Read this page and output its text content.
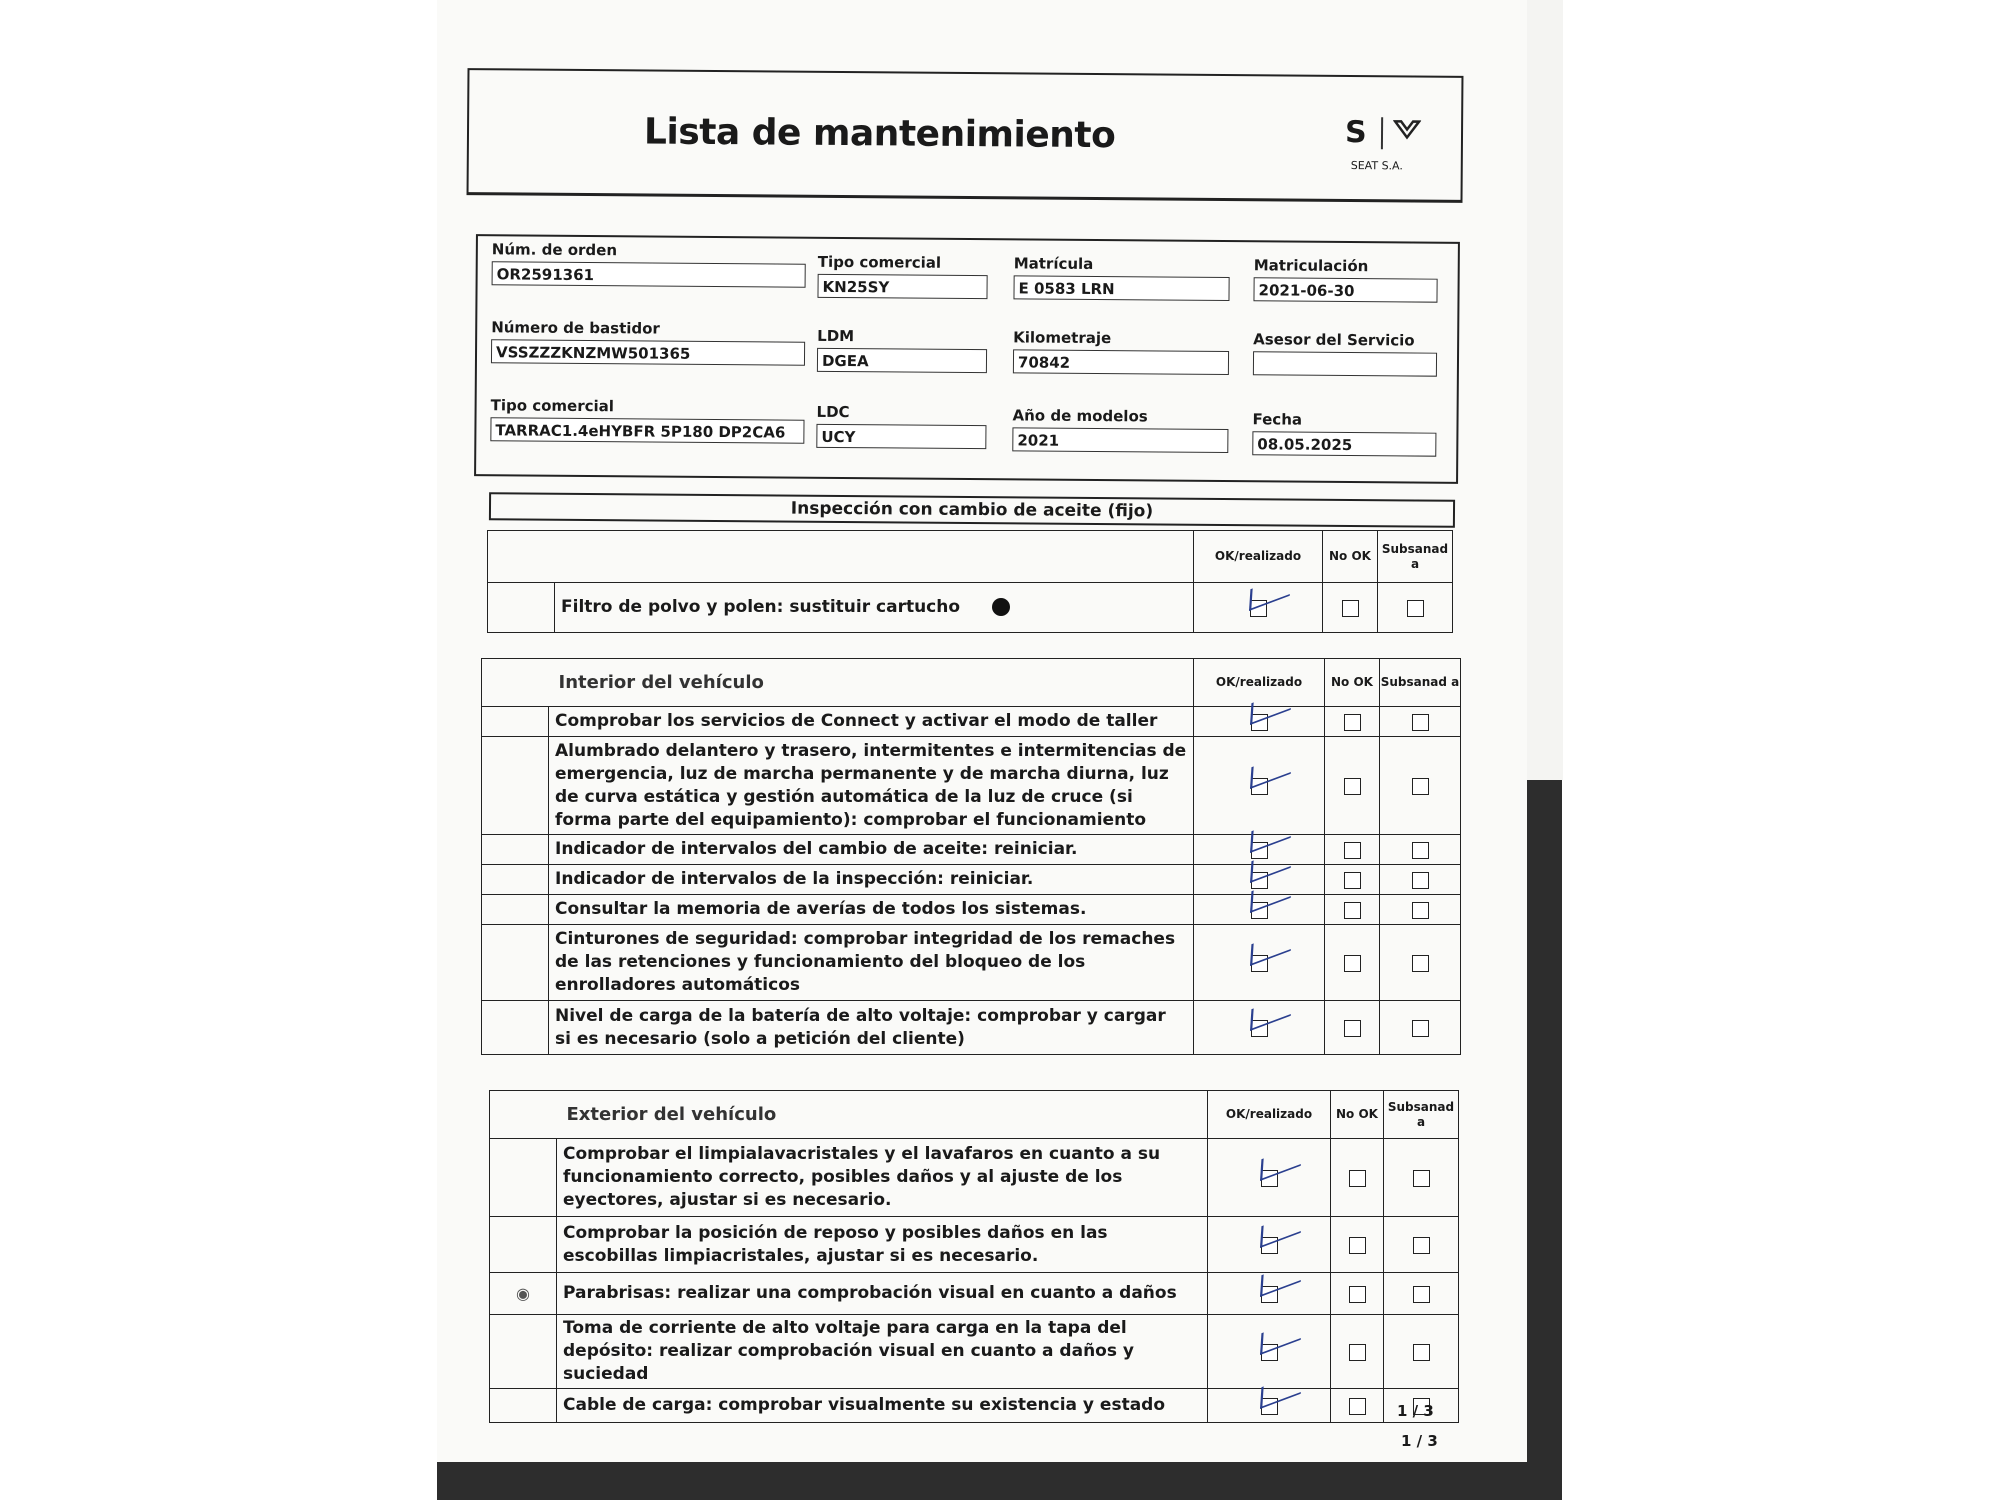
Lista de mantenimiento	S
SEAT S.A.
Núm. de orden
OR2591361
Tipo comercial
KN25SY
Matrícula
E 0583 LRN
Matriculación
2021-06-30
Número de bastidor
VSSZZZKNZMW501365
LDM
DGEA
Kilometraje
70842
Asesor del Servicio
Tipo comercial
TARRAC1.4eHYBFR 5P180 DP2CA6
LDC
UCY
Año de modelos
2021
Fecha
08.05.2025
Inspección con cambio de aceite (fijo)
		OK/realizado	No OK	Subsanad a
	Filtro de polvo y polen: sustituir cartucho			
	Interior del vehículo	OK/realizado	No OK	Subsanad a
	Comprobar los servicios de Connect y activar el modo de taller			
	Alumbrado delantero y trasero, intermitentes e intermitencias de emergencia, luz de marcha permanente y de marcha diurna, luz de curva estática y gestión automática de la luz de cruce (si forma parte del equipamiento): comprobar el funcionamiento			
	Indicador de intervalos del cambio de aceite: reiniciar.			
	Indicador de intervalos de la inspección: reiniciar.			
	Consultar la memoria de averías de todos los sistemas.			
	Cinturones de seguridad: comprobar integridad de los remaches de las retenciones y funcionamiento del bloqueo de los enrolladores automáticos			
	Nivel de carga de la batería de alto voltaje: comprobar y cargar si es necesario (solo a petición del cliente)			
	Exterior del vehículo	OK/realizado	No OK	Subsanad a
	Comprobar el limpialavacristales y el lavafaros en cuanto a su funcionamiento correcto, posibles daños y al ajuste de los eyectores, ajustar si es necesario.			
	Comprobar la posición de reposo y posibles daños en las escobillas limpiacristales, ajustar si es necesario.			
◉	Parabrisas: realizar una comprobación visual en cuanto a daños			
	Toma de corriente de alto voltaje para carga en la tapa del depósito: realizar comprobación visual en cuanto a daños y suciedad			
	Cable de carga: comprobar visualmente su existencia y estado				1 / 3
1 / 3
